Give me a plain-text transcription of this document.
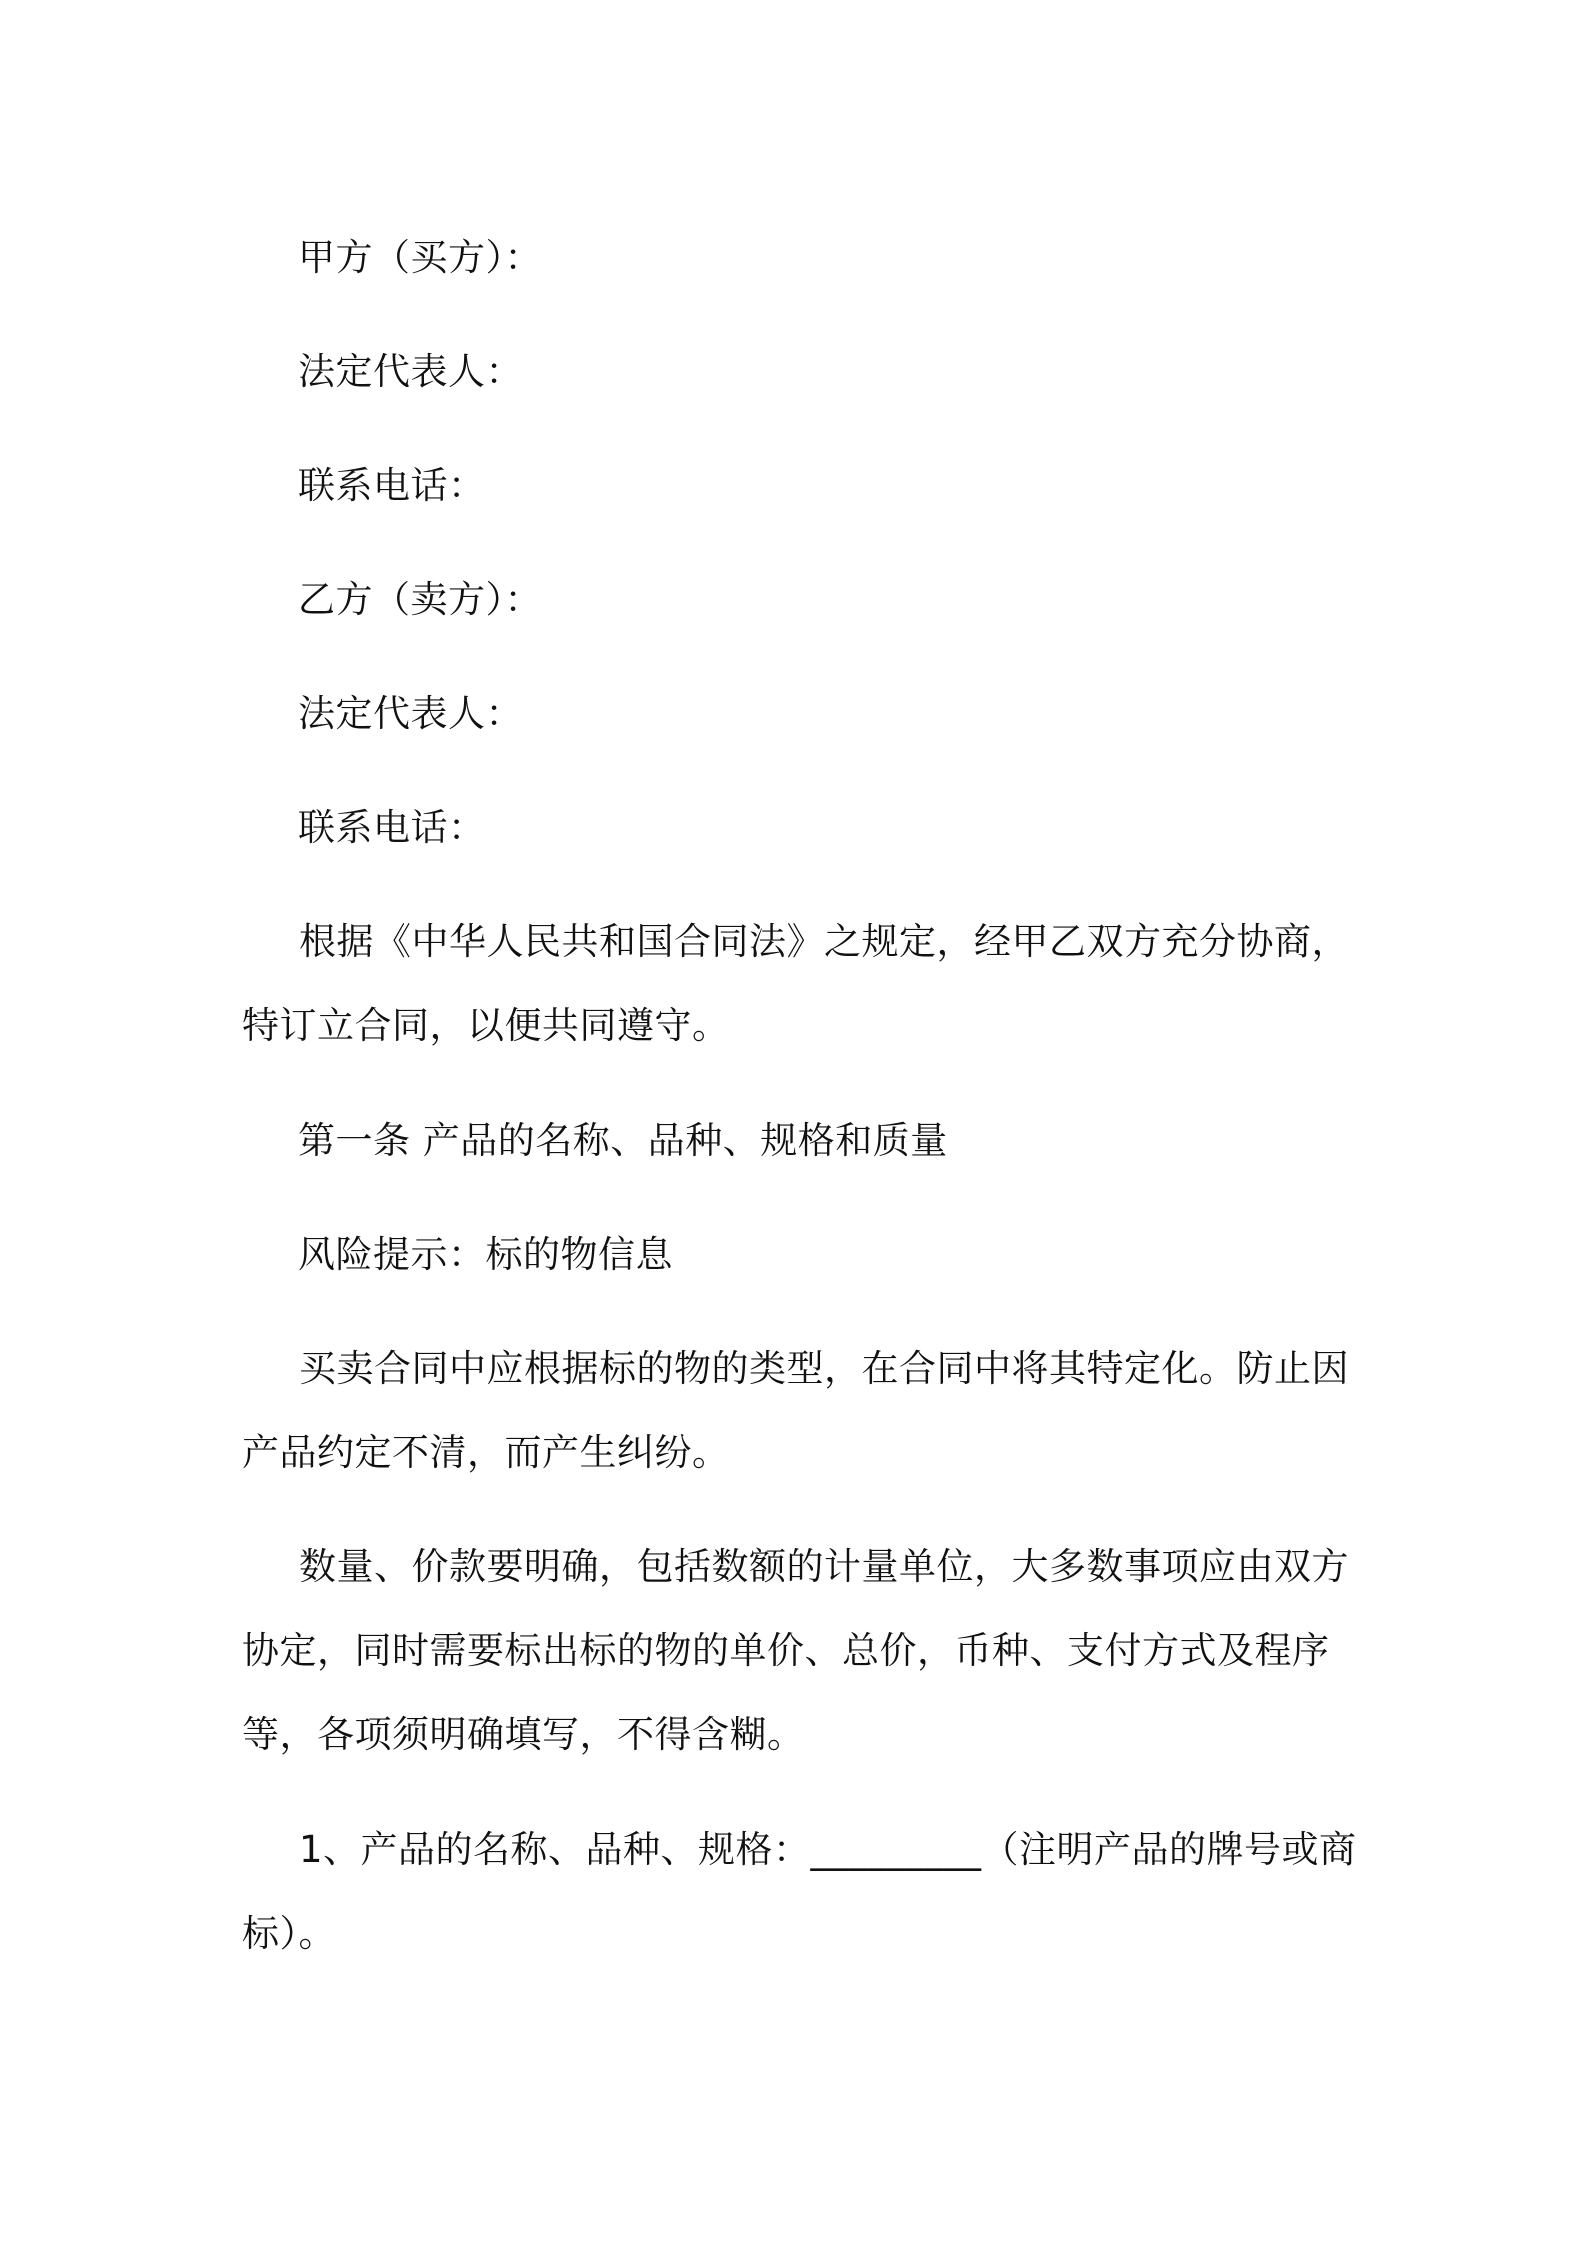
甲方（买方）：
法定代表人：
联系电话：
乙方（卖方）：
法定代表人：
联系电话：
根据《中华人民共和国合同法》之规定，经甲乙双方充分协商，特订立合同，以便共同遵守。
第一条 产品的名称、品种、规格和质量
风险提示：标的物信息
买卖合同中应根据标的物的类型，在合同中将其特定化。防止因产品约定不清，而产生纠纷。
数量、价款要明确，包括数额的计量单位，大多数事项应由双方协定，同时需要标出标的物的单价、总价，币种、支付方式及程序等，各项须明确填写，不得含糊。
1、产品的名称、品种、规格：_________（注明产品的牌号或商标）。
